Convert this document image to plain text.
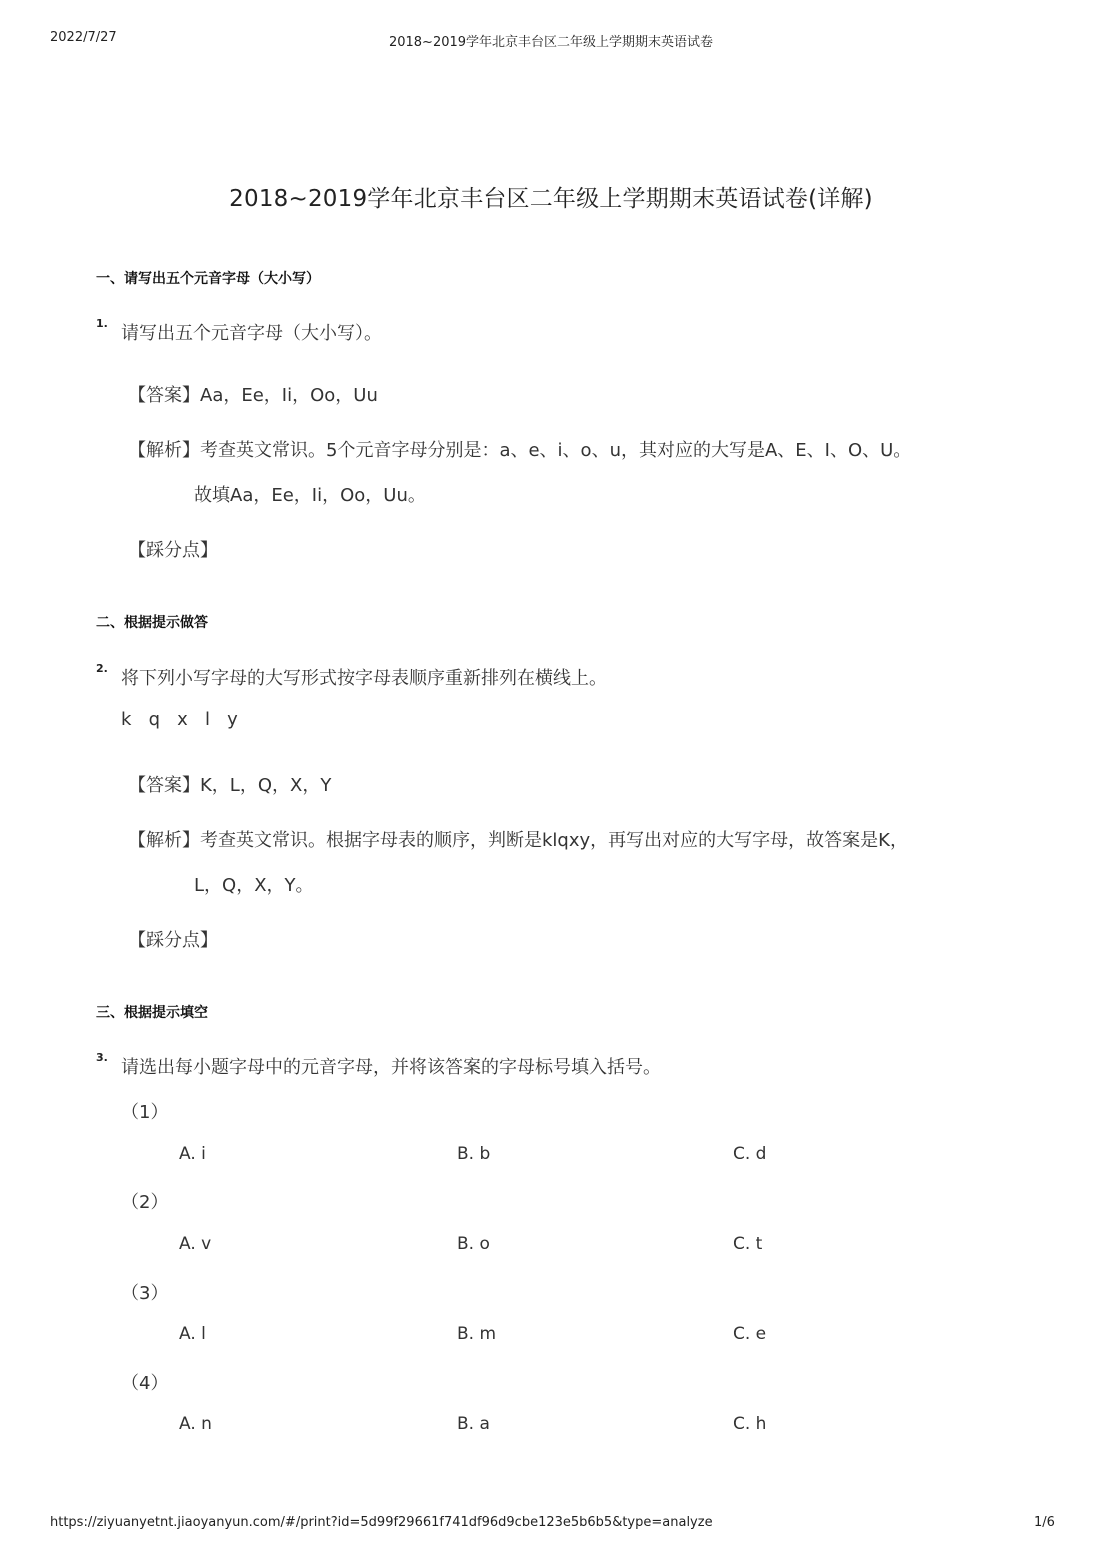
2022/7/27	2018~2019学年北京丰台区二年级上学期期末英语试卷
https://ziyuanyetnt.jiaoyanyun.com/#/print?id=5d99f29661f741df96d9cbe123e5b6b5&type=analyze	1/6
2018~2019学年北京丰台区二年级上学期期末英语试卷(详解)
一、请写出五个元音字母（大小写）
1. 请写出五个元音字母（大小写）。
【答案】Aa，Ee，Ii，Oo，Uu
【解析】考查英文常识。5个元音字母分别是：a、e、i、o、u，其对应的大写是A、E、I、O、U。
故填Aa，Ee，Ii，Oo，Uu。
【踩分点】
二、根据提示做答
2. 将下列小写字母的大写形式按字母表顺序重新排列在横线上。
k   q   x   l   y
【答案】K，L，Q，X，Y
【解析】考查英文常识。根据字母表的顺序，判断是klqxy，再写出对应的大写字母，故答案是K，
L，Q，X，Y。
【踩分点】
三、根据提示填空
3. 请选出每小题字母中的元音字母，并将该答案的字母标号填入括号。
（1）
A. i	B. b	C. d
（2）
A. v	B. o	C. t
（3）
A. l	B. m	C. e
（4）
A. n	B. a	C. h
